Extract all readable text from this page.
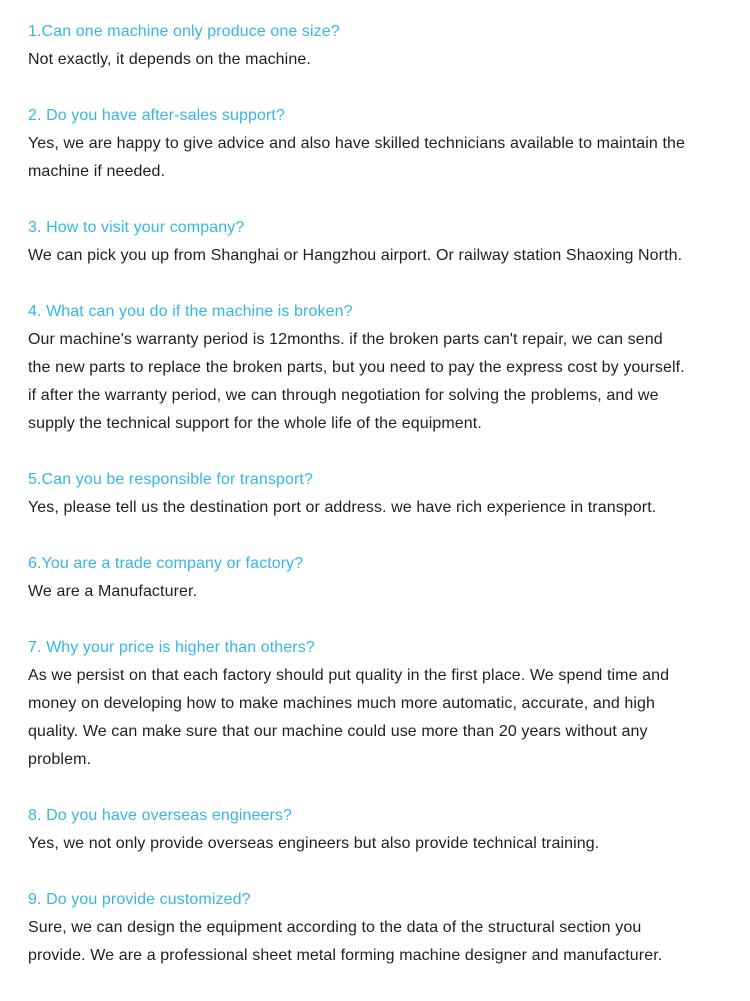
1.Can one machine only produce one size?
Not exactly, it depends on the machine.
2. Do you have after-sales support?
Yes, we are happy to give advice and also have skilled technicians available to maintain the
machine if needed.
3. How to visit your company?
We can pick you up from Shanghai or Hangzhou airport. Or railway station Shaoxing North.
4. What can you do if the machine is broken?
Our machine's warranty period is 12months. if the broken parts can't repair, we can send
the new parts to replace the broken parts, but you need to pay the express cost by yourself.
if after the warranty period, we can through negotiation for solving the problems, and we
supply the technical support for the whole life of the equipment.
5.Can you be responsible for transport?
Yes, please tell us the destination port or address. we have rich experience in transport.
6.You are a trade company or factory?
We are a Manufacturer.
7. Why your price is higher than others?
As we persist on that each factory should put quality in the first place. We spend time and
money on developing how to make machines much more automatic, accurate, and high
quality. We can make sure that our machine could use more than 20 years without any
problem.
8. Do you have overseas engineers?
Yes, we not only provide overseas engineers but also provide technical training.
9. Do you provide customized?
Sure, we can design the equipment according to the data of the structural section you
provide. We are a professional sheet metal forming machine designer and manufacturer.
